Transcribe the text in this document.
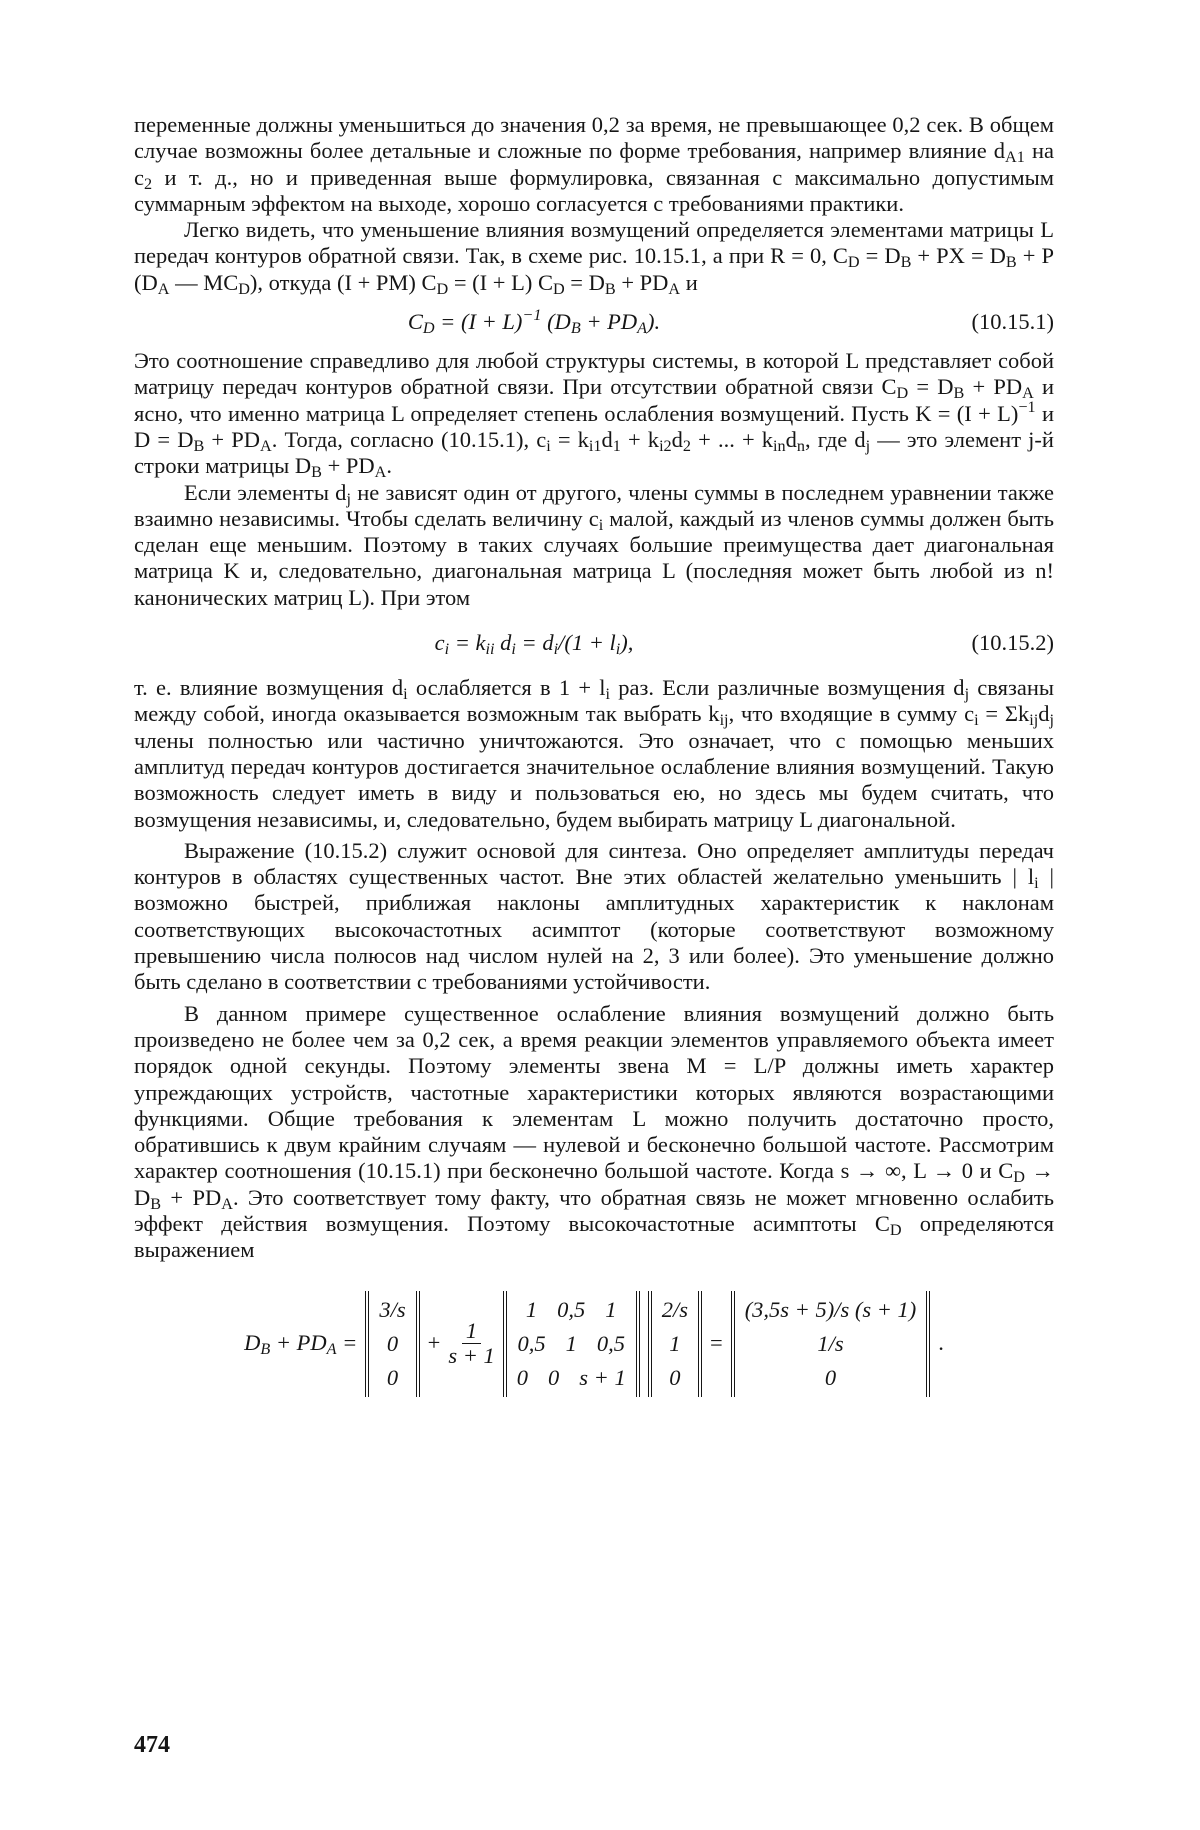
переменные должны уменьшиться до значения 0,2 за время, не превышающее 0,2 сек. В общем случае возможны более детальные и сложные по форме требования, например влияние $d_{A1}$ на $c_2$ и т. д., но и приведенная выше формулировка, связанная с максимально допустимым суммарным эффектом на выходе, хорошо согласуется с требованиями практики.

Легко видеть, что уменьшение влияния возмущений определяется элементами матрицы L передач контуров обратной связи. Так, в схеме рис. 10.15.1, а при R = 0, $C_D = D_B$ + PX = $D_B + P$ ($D_A$ — $MC_D$), откуда (I + PM) $C_D = (I + L) C_D = D_B + PD_A$ и

$C_D = (I + L)^{-1}$ $(D_B + PD_A)$.	(10.15.1)

Это соотношение справедливо для любой структуры системы, в которой L представляет собой матрицу передач контуров обратной связи. При отсутствии обратной связи $C_D = D_B + PD_A$ и ясно, что именно матрица L определяет степень ослабления возмущений. Пусть $K = (I + L)^{-1}$ и $D = D_B + PD_A$. Тогда, согласно (10.15.1), $c_i = k_{i1}d_1 + k_{i2}d_2$ + ... + $k_{in}d_n$, где $d_j$ — это элемент j-й строки матрицы $D_B + PD_A$.

Если элементы $d_j$ не зависят один от другого, члены суммы в последнем уравнении также взаимно независимы. Чтобы сделать величину $c_i$ малой, каждый из членов суммы должен быть сделан еще меньшим. Поэтому в таких случаях большие преимущества дает диагональная матрица K и, следовательно, диагональная матрица L (последняя может быть любой из n! канонических матриц L). При этом

$c_i = k_{ii}$ $d_i = d_i/(1 + l_i)$,	(10.15.2)

т. е. влияние возмущения $d_i$ ослабляется в $1 + l_i$ раз. Если различные возмущения $d_j$ связаны между собой, иногда оказывается возможным так выбрать $k_{ij}$, что входящие в сумму $c_i = \Sigma k_{ij}d_j$ члены полностью или частично уничтожаются. Это означает, что с помощью меньших амплитуд передач контуров достигается значительное ослабление влияния возмущений. Такую возможность следует иметь в виду и пользоваться ею, но здесь мы будем считать, что возмущения независимы, и, следовательно, будем выбирать матрицу L диагональной.

Выражение (10.15.2) служит основой для синтеза. Оно определяет амплитуды передач контуров в областях существенных частот. Вне этих областей желательно уменьшить | $l_i$ | возможно быстрей, приближая наклоны амплитудных характеристик к наклонам соответствующих высокочастотных асимптот (которые соответствуют возможному превышению числа полюсов над числом нулей на 2, 3 или более). Это уменьшение должно быть сделано в соответствии с требованиями устойчивости.

В данном примере существенное ослабление влияния возмущений должно быть произведено не более чем за 0,2 сек, а время реакции элементов управляемого объекта имеет порядок одной секунды. Поэтому элементы звена M = L/P должны иметь характер упреждающих устройств, частотные характеристики которых являются возрастающими функциями. Общие требования к элементам L можно получить достаточно просто, обратившись к двум крайним случаям — нулевой и бесконечно большой частоте. Рассмотрим характер соотношения (10.15.1) при бесконечно большой частоте. Когда s → ∞, L → 0 и $C_D \to D_B + PD_A$. Это соответствует тому факту, что обратная связь не может мгновенно ослабить эффект действия возмущения. Поэтому высокочастотные асимптоты $C_D$ определяются выражением

$D_B + PD_A$ =
3/s
0
0
+ $\frac{1}{s + 1}$
1 0,5 1
0,5 1 0,5
0 0 s + 1
2/s
1
0
=
(3,5s + 5)/s (s + 1)
1/s
0
.
474
